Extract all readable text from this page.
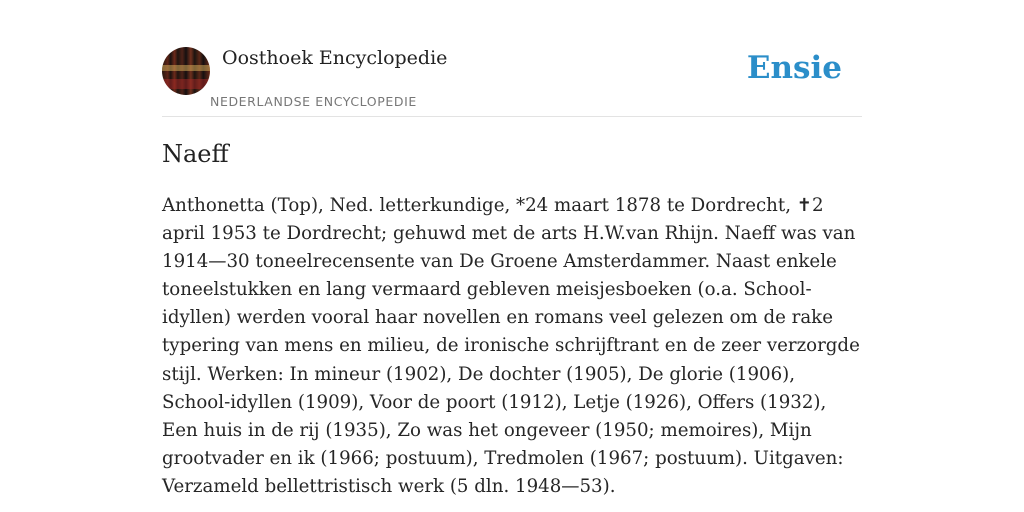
Oosthoek Encyclopedie
NEDERLANDSE ENCYCLOPEDIE
Ensie
Naeff

Anthonetta (Top), Ned. letterkundige, *24 maart 1878 te Dordrecht, ✝2 april 1953 te Dordrecht; gehuwd met de arts H.W.van Rhijn. Naeff was van 1914—30 toneelrecensente van De Groene Amsterdammer. Naast enkele toneelstukken en lang vermaard gebleven meisjesboeken (o.a. School-idyllen) werden vooral haar novellen en romans veel gelezen om de rake typering van mens en milieu, de ironische schrijftrant en de zeer verzorgde stijl. Werken: In mineur (1902), De dochter (1905), De glorie (1906), School-idyllen (1909), Voor de poort (1912), Letje (1926), Offers (1932), Een huis in de rij (1935), Zo was het ongeveer (1950; memoires), Mijn grootvader en ik (1966; postuum), Tredmolen (1967; postuum). Uitgaven: Verzameld bellettristisch werk (5 dln. 1948—53).
